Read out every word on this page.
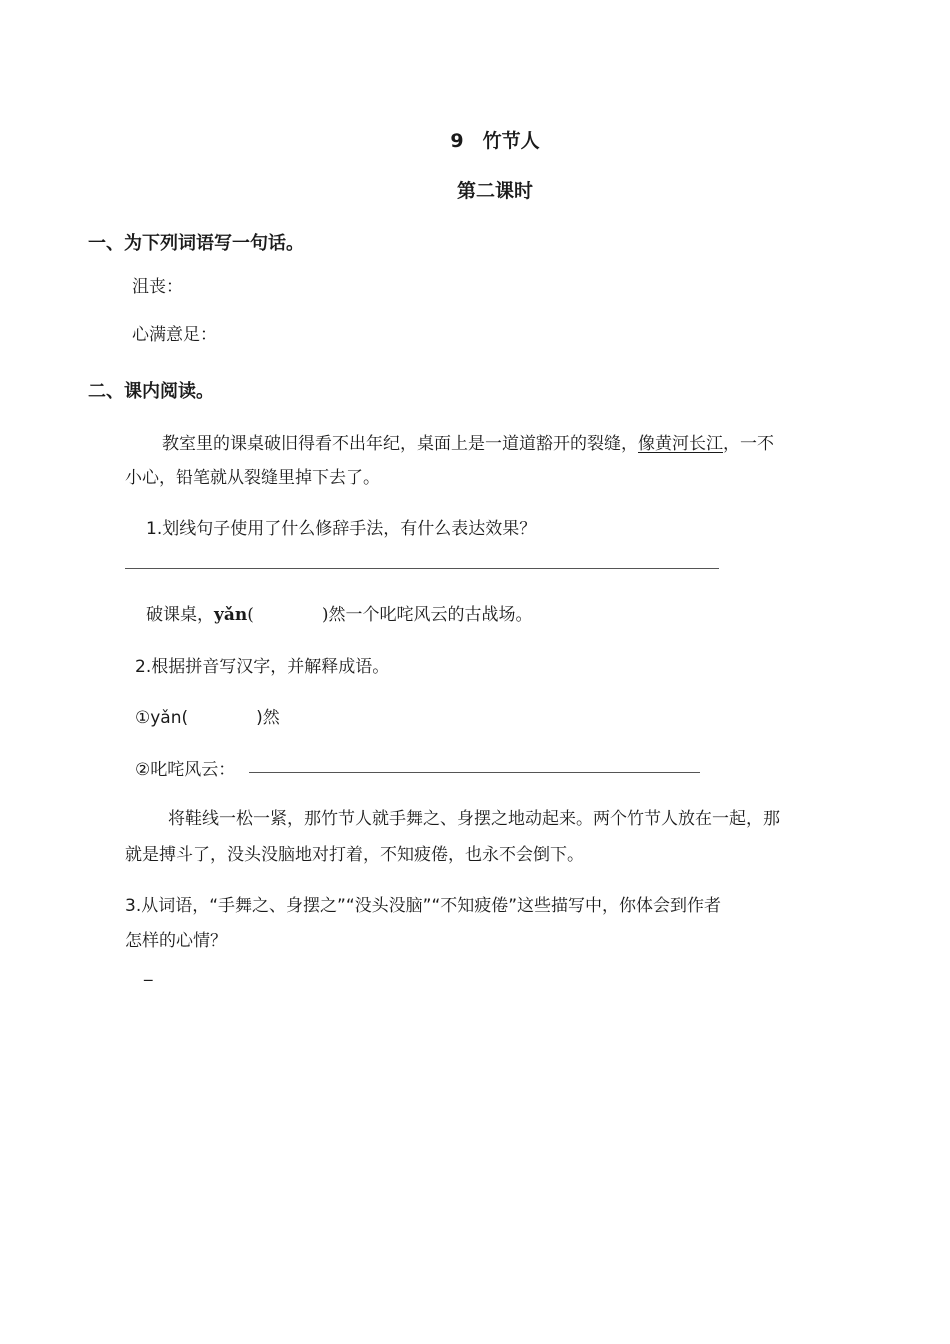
9　竹节人
第二课时
一、为下列词语写一句话。
沮丧：
心满意足：
二、课内阅读。
教室里的课桌破旧得看不出年纪，桌面上是一道道豁开的裂缝，像黄河长江，一不
小心，铅笔就从裂缝里掉下去了。
1.划线句子使用了什么修辞手法，有什么表达效果？
破课桌，yǎn(　　　　)然一个叱咤风云的古战场。
2.根据拼音写汉字，并解释成语。
①yǎn(　　　　)然
②叱咤风云：
将鞋线一松一紧，那竹节人就手舞之、身摆之地动起来。两个竹节人放在一起，那
就是搏斗了，没头没脑地对打着，不知疲倦，也永不会倒下。
3.从词语，“手舞之、身摆之”“没头没脑”“不知疲倦”这些描写中，你体会到作者
怎样的心情？
_
